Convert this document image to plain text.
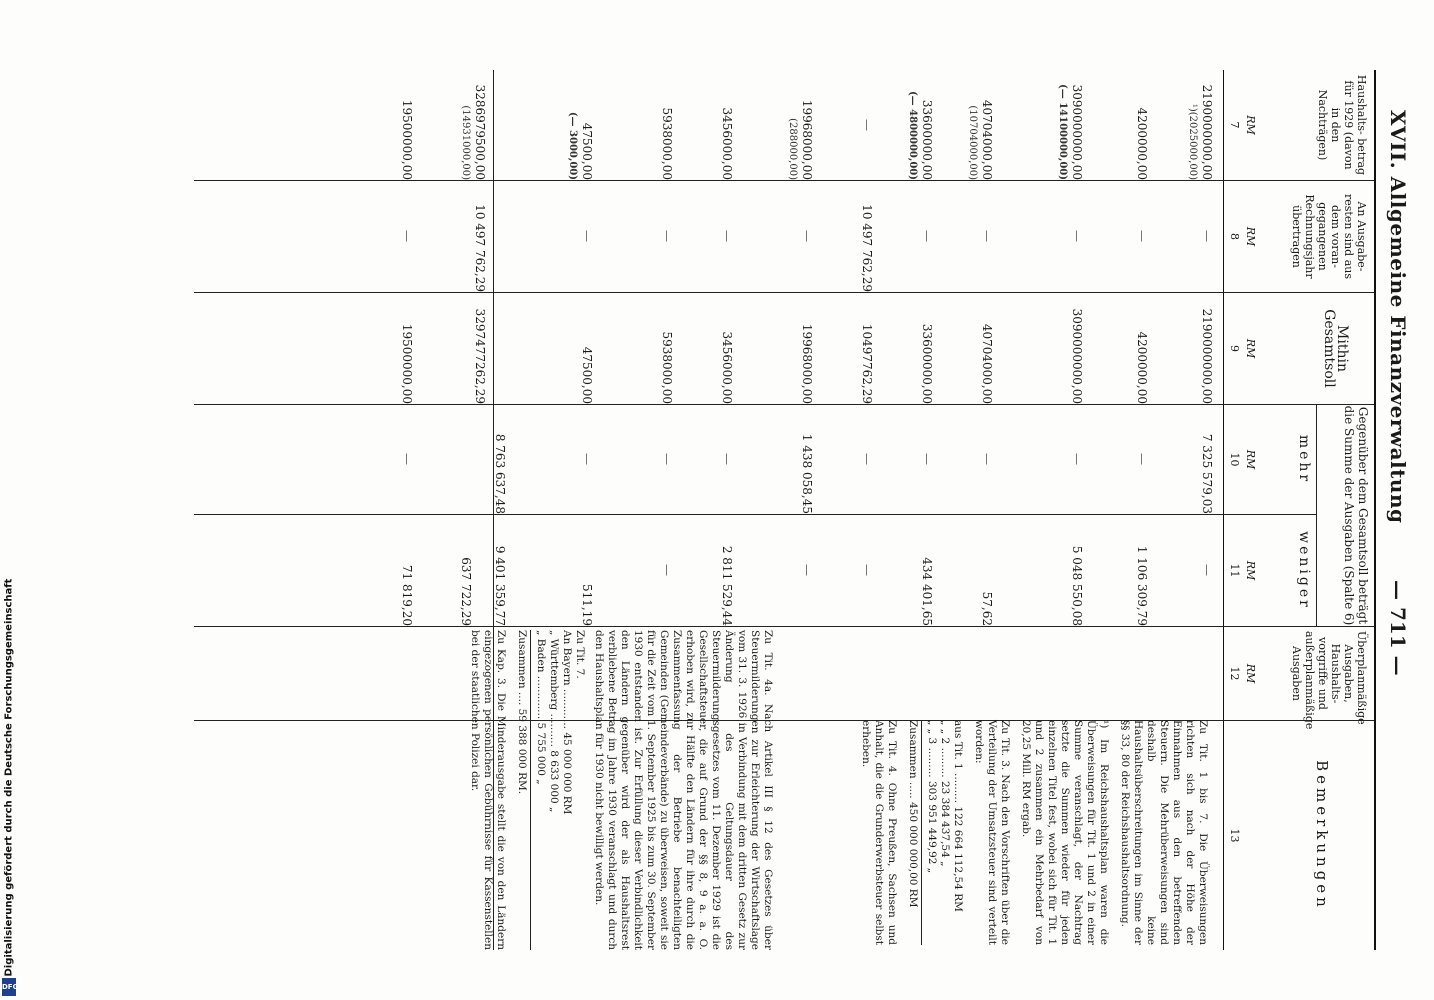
XVII. Allgemeine Finanzverwaltung
— 711 —
Haushalts- betrag für 1929 (davon in den Nachträgen)
RM
7
An Ausgabe- resten sind aus dem voran- gegangenen Rechnungsjahr übertragen
RM
8
Mithin Gesamtsoll
RM
9
Gegenüber dem Gesamtsoll beträgt die Summe der Ausgaben (Spalte 6)
mehr
RM
10
weniger
RM
11
Überplanmäßige Ausgaben, Haushalts- vorgriffe und außerplanmäßige Ausgaben
RM
12
Bemerkungen
13
2190000000,00
¹)(2025000,00)
—
2190000000,00
7 325 579,03
—
4200000,00
—
4200000,00
—
1 106 309,79
3090000000,00
(— 14100000,00)
—
3090000000,00
—
5 048 550,08
40704000,00
(10704000,00)
—
40704000,00
—
57,62
33600000,00
(— 4800000,00)
—
33600000,00
—
434 401,65
—
10 497 762,29
10497762,29
—
—
19968000,00
(288000,00)
—
19968000,00
1 438 058,45
—
3456000,00
—
3456000,00
—
2 811 529,44
5938000,00
—
5938000,00
—
—
47500,00
(— 3000,00)
—
47500,00
—
511,19
3286979500,00
(14931000,00)
10 497 762,29
3297477262,29
8 763 637,48
9 401 359,77
637 722,29
19500000,00
—
19500000,00
—
71 819,20

Zu Tit. 1 bis 7. Die Überweisungen richten sich nach der Höhe der Einnahmen aus den betreffenden Steuern. Die Mehrüberweisungen sind deshalb keine Haushaltsüberschreitungen im Sinne der §§ 33, 80 der Reichshaushaltsordnung.

¹) Im Reichshaushaltsplan waren die Überweisungen für Tit. 1 und 2 in einer Summe veranschlagt, der Nachtrag setzte die Summen wieder für jeden einzelnen Titel fest, wobei sich für Tit. 1 und 2 zusammen ein Mehrbedarf von 20,25 Mill. RM ergab.

Zu Tit. 3. Nach den Vorschriften über die Verteilung der Umsatzsteuer sind verteilt worden:

aus Tit. 1 ......... 122 664 112,54 RM
„ „ 2 ......... 23 384 437,54 „
„ „ 3 ......... 303 951 449,92 „
Zusammen ..... 450 000 000,00 RM

Zu Tit. 4. Ohne Preußen, Sachsen und Anhalt, die die Grunderwerbsteuer selbst erheben.

Zu Tit. 4a. Nach Artikel III § 12 des Gesetzes über Steuermilderungen zur Erleichterung der Wirtschaftslage vom 31. 3. 1926 in Verbindung mit dem dritten Gesetz zur Änderung des Geltungsdauer des Steuermilderungsgesetzes vom 11. Dezember 1929 ist die Gesellschaftsteuer, die auf Grund der §§ 8, 9 a. a. O. erhoben wird, zur Hälfte den Ländern für ihre durch die Zusammenfassung der Betriebe benachteiligten Gemeinden (Gemeindeverbände) zu überweisen, soweit sie für die Zeit vom 1. September 1925 bis zum 30. September 1930 entstanden ist. Zur Erfüllung dieser Verbindlichkeit den Ländern gegenüber wird der als Haushaltsrest verbliebene Betrag im Jahre 1930 veranschlagt und durch den Haushaltsplan für 1930 nicht bewilligt werden.

Zu Tit. 7.
An Bayern ............ 45 000 000 RM
„ Württemberg .......... 8 633 000 „
„ Baden ............. 5 755 000 „
Zusammen .... 59 388 000 RM.

Zu Kap. 3. Die Minderausgabe stellt die von den Ländern eingezogenen persönlichen Gebührnisse für Kassenstellen bei der staatlichen Polizei dar.

Digitalisierung gefördert durch die Deutsche Forschungsgemeinschaft
DFG
